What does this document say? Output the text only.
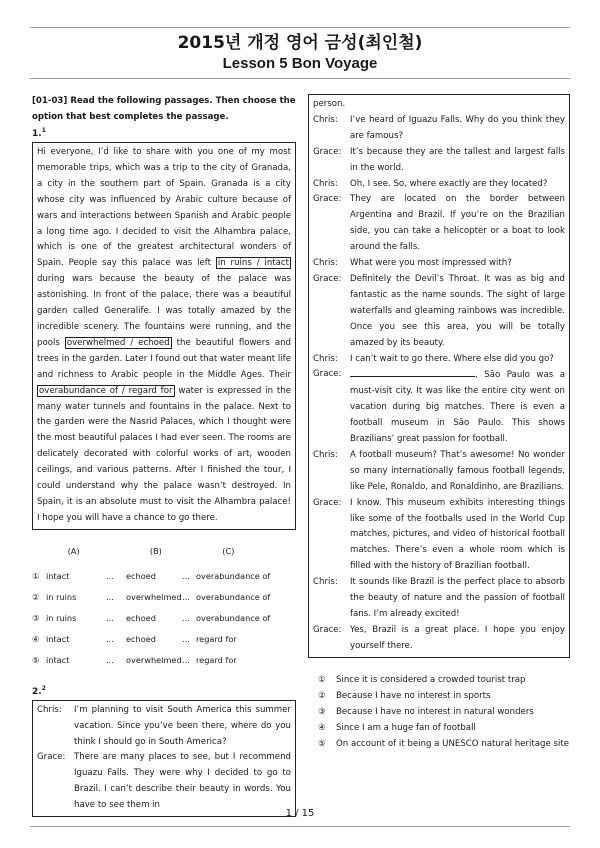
2015년 개정 영어 금성(최인철)
Lesson 5 Bon Voyage

[01-03] Read the following passages. Then choose the option that best completes the passage.

1.$^1$

Hi everyone, I’d like to share with you one of my most memorable trips, which was a trip to the city of Granada, a city in the southern part of Spain. Granada is a city whose city was influenced by Arabic culture because of wars and interactions between Spanish and Arabic people a long time ago. I decided to visit the Alhambra palace, which is one of the greatest architectural wonders of Spain. People say this palace was left in ruins / intact during wars because the beauty of the palace was astonishing. In front of the palace, there was a beautiful garden called Generalife. I was totally amazed by the incredible scenery. The fountains were running, and the pools overwhelmed / echoed the beautiful flowers and trees in the garden. Later I found out that water meant life and richness to Arabic people in the Middle Ages. Their overabundance of / regard for water is expressed in the many water tunnels and fountains in the palace. Next to the garden were the Nasrid Palaces, which I thought were the most beautiful palaces I had ever seen. The rooms are delicately decorated with colorful works of art, wooden ceilings, and various patterns. After I finished the tour, I could understand why the palace wasn’t destroyed. In Spain, it is an absolute must to visit the Alhambra palace! I hope you will have a chance to go there.
(A)	(B)	(C)
① intact	...	echoed	... overabundance of
② in ruins	...	overwhelmed ... overabundance of
③ in ruins	...	echoed	... overabundance of
④ intact	...	echoed	... regard for
⑤ intact	...	overwhelmed ... regard for

2.$^2$

Chris:	I’m planning to visit South America this summer vacation. Since you’ve been there, where do you think I should go in South America?
Grace:	There are many places to see, but I recommend Iguazu Falls. They were why I decided to go to Brazil. I can’t describe their beauty in words. You have to see them in
person.
Chris:	I’ve heard of Iguazu Falls. Why do you think they are famous?
Grace:	It’s because they are the tallest and largest falls in the world.
Chris:	Oh, I see. So, where exactly are they located?
Grace:	They are located on the border between Argentina and Brazil. If you’re on the Brazilian side, you can take a helicopter or a boat to look around the falls.
Chris:	What were you most impressed with?
Grace:	Definitely the Devil’s Throat. It was as big and fantastic as the name sounds. The sight of large waterfalls and gleaming rainbows was incredible. Once you see this area, you will be totally amazed by its beauty.
Chris:	I can’t wait to go there. Where else did you go?
Grace:	, São Paulo was a must-visit city. It was like the entire city went on vacation during big matches. There is even a football museum in São Paulo. This shows Brazilians’ great passion for football.
Chris:	A football museum? That’s awesome! No wonder so many internationally famous football legends, like Pele, Ronaldo, and Ronaldinho, are Brazilians.
Grace:	I know. This museum exhibits interesting things like some of the footballs used in the World Cup matches, pictures, and video of historical football matches. There’s even a whole room which is filled with the history of Brazilian football.
Chris:	It sounds like Brazil is the perfect place to absorb the beauty of nature and the passion of football fans. I’m already excited!
Grace:	Yes, Brazil is a great place. I hope you enjoy yourself there.
①	Since it is considered a crowded tourist trap
②	Because I have no interest in sports
③	Because I have no interest in natural wonders
④	Since I am a huge fan of football
⑤	On account of it being a UNESCO natural heritage site
1 / 15
